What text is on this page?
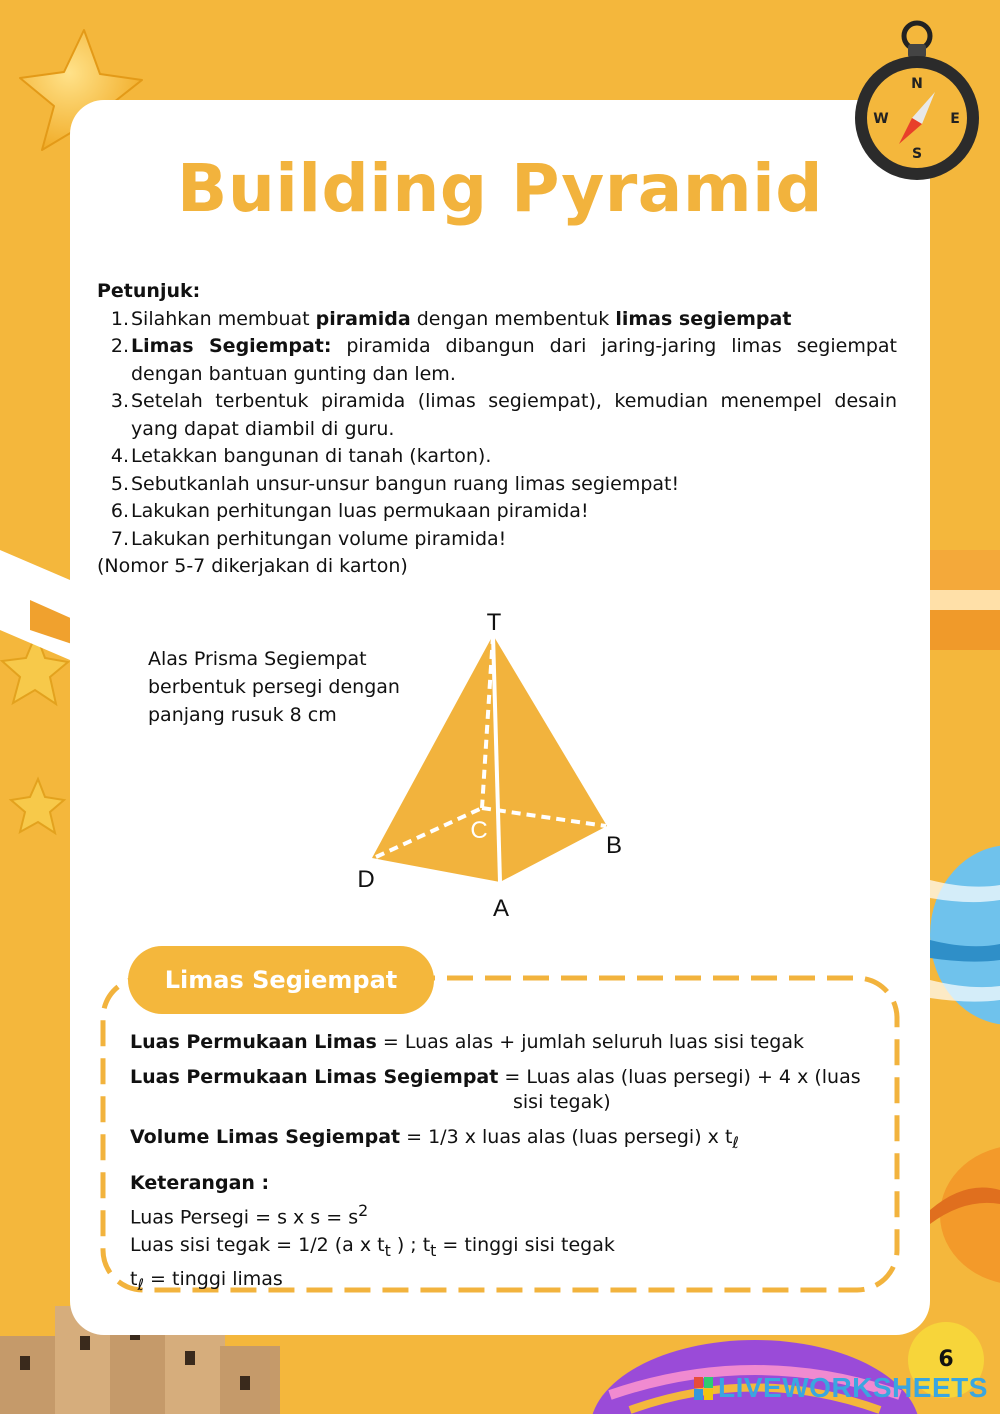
N
S
E
W
Building Pyramid
Petunjuk:
1. Silahkan membuat piramida dengan membentuk limas segiempat
2. Limas Segiempat: piramida dibangun dari jaring-jaring limas segiempat dengan bantuan gunting dan lem.
3. Setelah terbentuk piramida (limas segiempat), kemudian menempel desain yang dapat diambil di guru.
4. Letakkan bangunan di tanah (karton).
5. Sebutkanlah unsur-unsur bangun ruang limas segiempat!
6. Lakukan perhitungan luas permukaan piramida!
7. Lakukan perhitungan volume piramida!
(Nomor 5-7 dikerjakan di karton)
Alas Prisma Segiempat
berbentuk persegi dengan
panjang rusuk 8 cm
T
A
B
C
D
Limas Segiempat
Luas Permukaan Limas = Luas alas + jumlah seluruh luas sisi tegak
Luas Permukaan Limas Segiempat = Luas alas (luas persegi) + 4 x (luas
sisi tegak)
Volume Limas Segiempat = 1/3 x luas alas (luas persegi) x $t_\ell$
Keterangan :
Luas Persegi = s x $s = s^2$
Luas sisi tegak = 1/2 (a x $t_t$ ) ; $t_t$ = tinggi sisi tegak
$t_\ell$ = tinggi limas
6
LIVEWORKSHEETS
